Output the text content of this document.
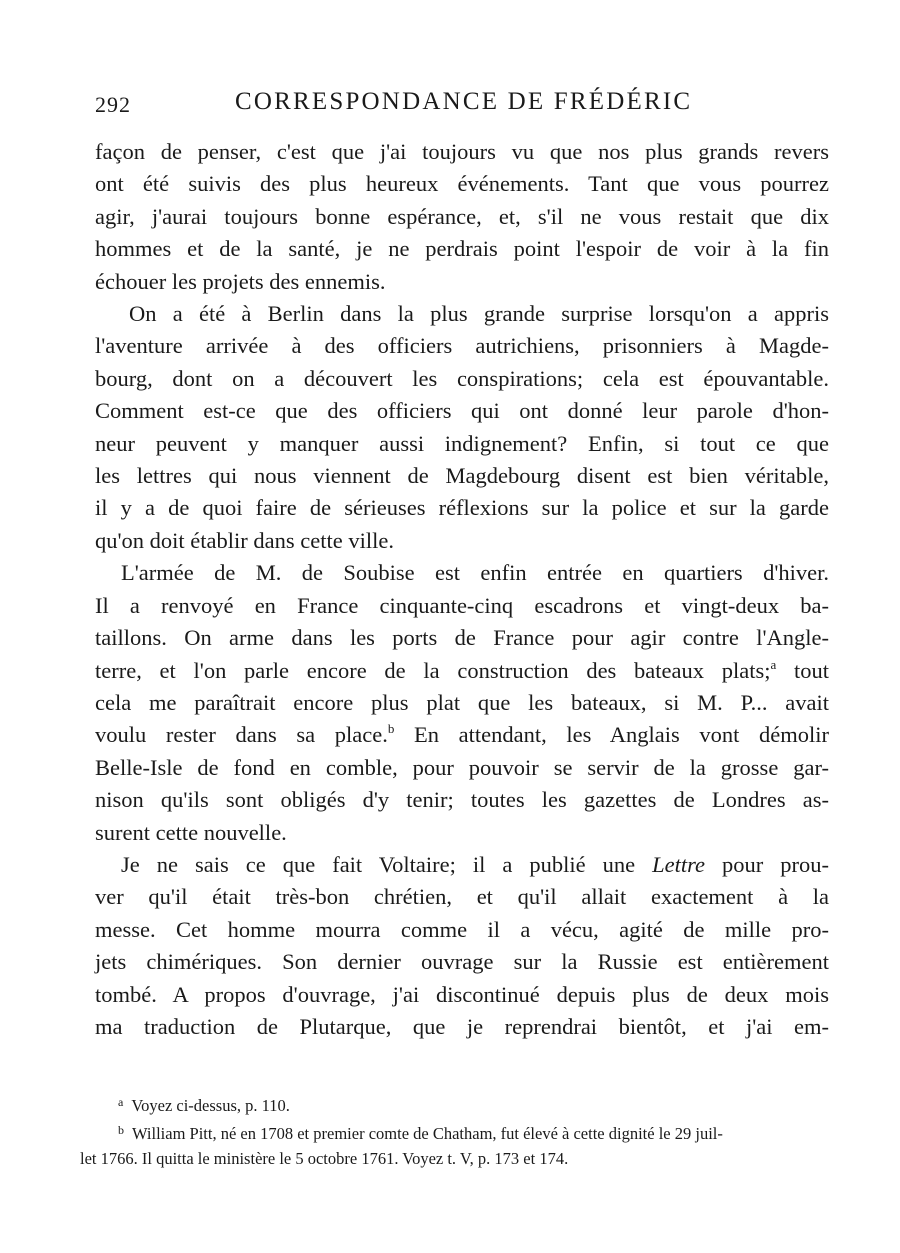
292	CORRESPONDANCE DE FRÉDÉRIC

façon de penser, c'est que j'ai toujours vu que nos plus grands revers
ont été suivis des plus heureux événements. Tant que vous pourrez
agir, j'aurai toujours bonne espérance, et, s'il ne vous restait que dix
hommes et de la santé, je ne perdrais point l'espoir de voir à la fin
échouer les projets des ennemis.

On a été à Berlin dans la plus grande surprise lorsqu'on a appris
l'aventure arrivée à des officiers autrichiens, prisonniers à Magde-
bourg, dont on a découvert les conspirations; cela est épouvantable.
Comment est-ce que des officiers qui ont donné leur parole d'hon-
neur peuvent y manquer aussi indignement? Enfin, si tout ce que
les lettres qui nous viennent de Magdebourg disent est bien véritable,
il y a de quoi faire de sérieuses réflexions sur la police et sur la garde
qu'on doit établir dans cette ville.

L'armée de M. de Soubise est enfin entrée en quartiers d'hiver.
Il a renvoyé en France cinquante-cinq escadrons et vingt-deux ba-
taillons. On arme dans les ports de France pour agir contre l'Angle-
terre, et l'on parle encore de la construction des bateaux plats;$^a$ tout
cela me paraîtrait encore plus plat que les bateaux, si M. P... avait
voulu rester dans sa place.$^b$ En attendant, les Anglais vont démolir
Belle-Isle de fond en comble, pour pouvoir se servir de la grosse gar-
nison qu'ils sont obligés d'y tenir; toutes les gazettes de Londres as-
surent cette nouvelle.

Je ne sais ce que fait Voltaire; il a publié une Lettre pour prou-
ver qu'il était très-bon chrétien, et qu'il allait exactement à la
messe. Cet homme mourra comme il a vécu, agité de mille pro-
jets chimériques. Son dernier ouvrage sur la Russie est entièrement
tombé. A propos d'ouvrage, j'ai discontinué depuis plus de deux mois
ma traduction de Plutarque, que je reprendrai bientôt, et j'ai em-

$^a$ Voyez ci-dessus, p. 110.

$^b$ William Pitt, né en 1708 et premier comte de Chatham, fut élevé à cette dignité le 29 juil-

let 1766. Il quitta le ministère le 5 octobre 1761. Voyez t. V, p. 173 et 174.
